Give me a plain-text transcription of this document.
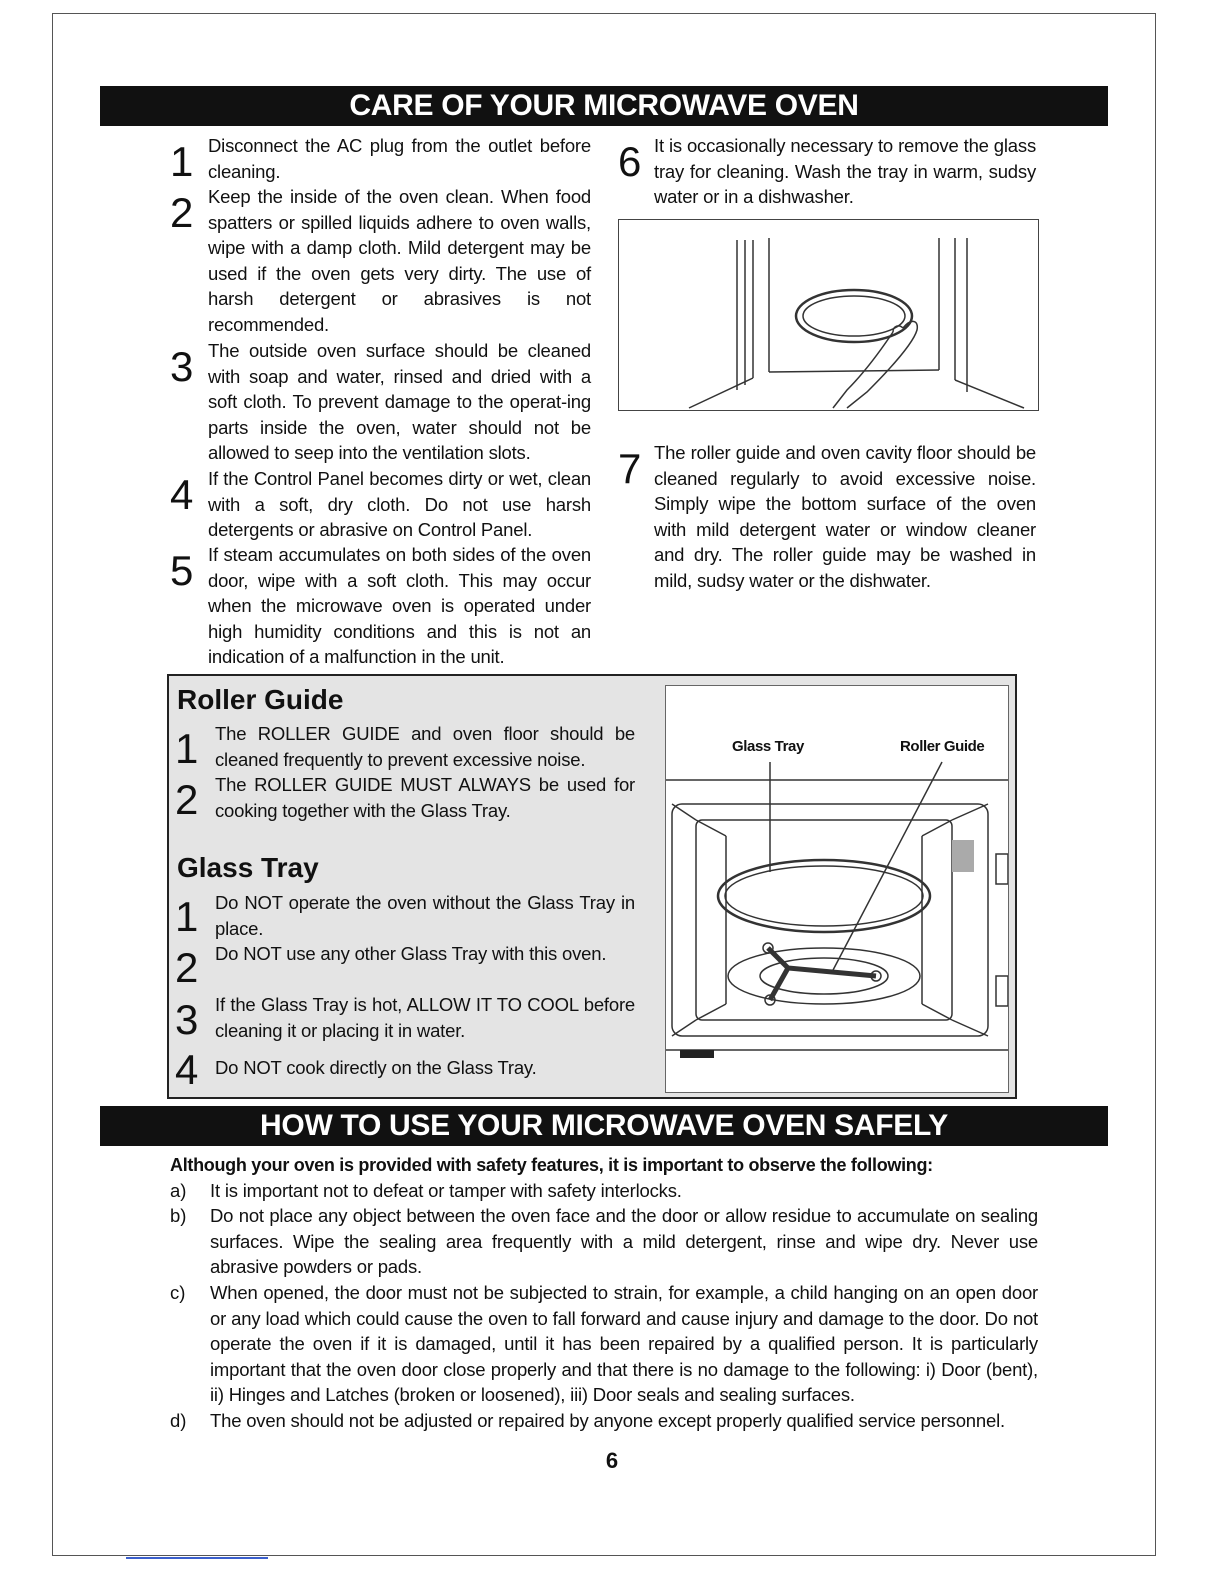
CARE OF YOUR MICROWAVE OVEN
1 Disconnect the AC plug from the outlet before cleaning.
2 Keep the inside of the oven clean. When food spatters or spilled liquids adhere to oven walls, wipe with a damp cloth. Mild detergent may be used if the oven gets very dirty. The use of harsh detergent or abrasives is not recommended.
3 The outside oven surface should be cleaned with soap and water, rinsed and dried with a soft cloth. To prevent damage to the operat-ing parts inside the oven, water should not be allowed to seep into the ventilation slots.
4 If the Control Panel becomes dirty or wet, clean with a soft, dry cloth. Do not use harsh detergents or abrasive on Control Panel.
5 If steam accumulates on both sides of the oven door, wipe with a soft cloth. This may occur when the microwave oven is operated under high humidity conditions and this is not an indication of a malfunction in the unit.
6 It is occasionally necessary to remove the glass tray for cleaning. Wash the tray in warm, sudsy water or in a dishwasher.
7 The roller guide and oven cavity floor should be cleaned regularly to avoid excessive noise. Simply wipe the bottom surface of the oven with mild detergent water or window cleaner and dry. The roller guide may be washed in mild, sudsy water or the dishwater.
Roller Guide
1 The ROLLER GUIDE and oven floor should be cleaned frequently to prevent excessive noise.
2 The ROLLER GUIDE MUST ALWAYS be used for cooking together with the Glass Tray.
Glass Tray
1 Do NOT operate the oven without the Glass Tray in place.
2 Do NOT use any other Glass Tray with this oven.
3 If the Glass Tray is hot, ALLOW IT TO COOL before cleaning it or placing it in water.
4 Do NOT cook directly on the Glass Tray.
Glass Tray	Roller Guide
HOW TO USE YOUR MICROWAVE OVEN SAFELY
Although your oven is provided with safety features, it is important to observe the following:
a) It is important not to defeat or tamper with safety interlocks.
b) Do not place any object between the oven face and the door or allow residue to accumulate on sealing surfaces. Wipe the sealing area frequently with a mild detergent, rinse and wipe dry. Never use abrasive powders or pads.
c) When opened, the door must not be subjected to strain, for example, a child hanging on an open door or any load which could cause the oven to fall forward and cause injury and damage to the door. Do not operate the oven if it is damaged, until it has been repaired by a qualified person. It is particularly important that the oven door close properly and that there is no damage to the following: i) Door (bent), ii) Hinges and Latches (broken or loosened), iii) Door seals and sealing surfaces.
d) The oven should not be adjusted or repaired by anyone except properly qualified service personnel.
6
